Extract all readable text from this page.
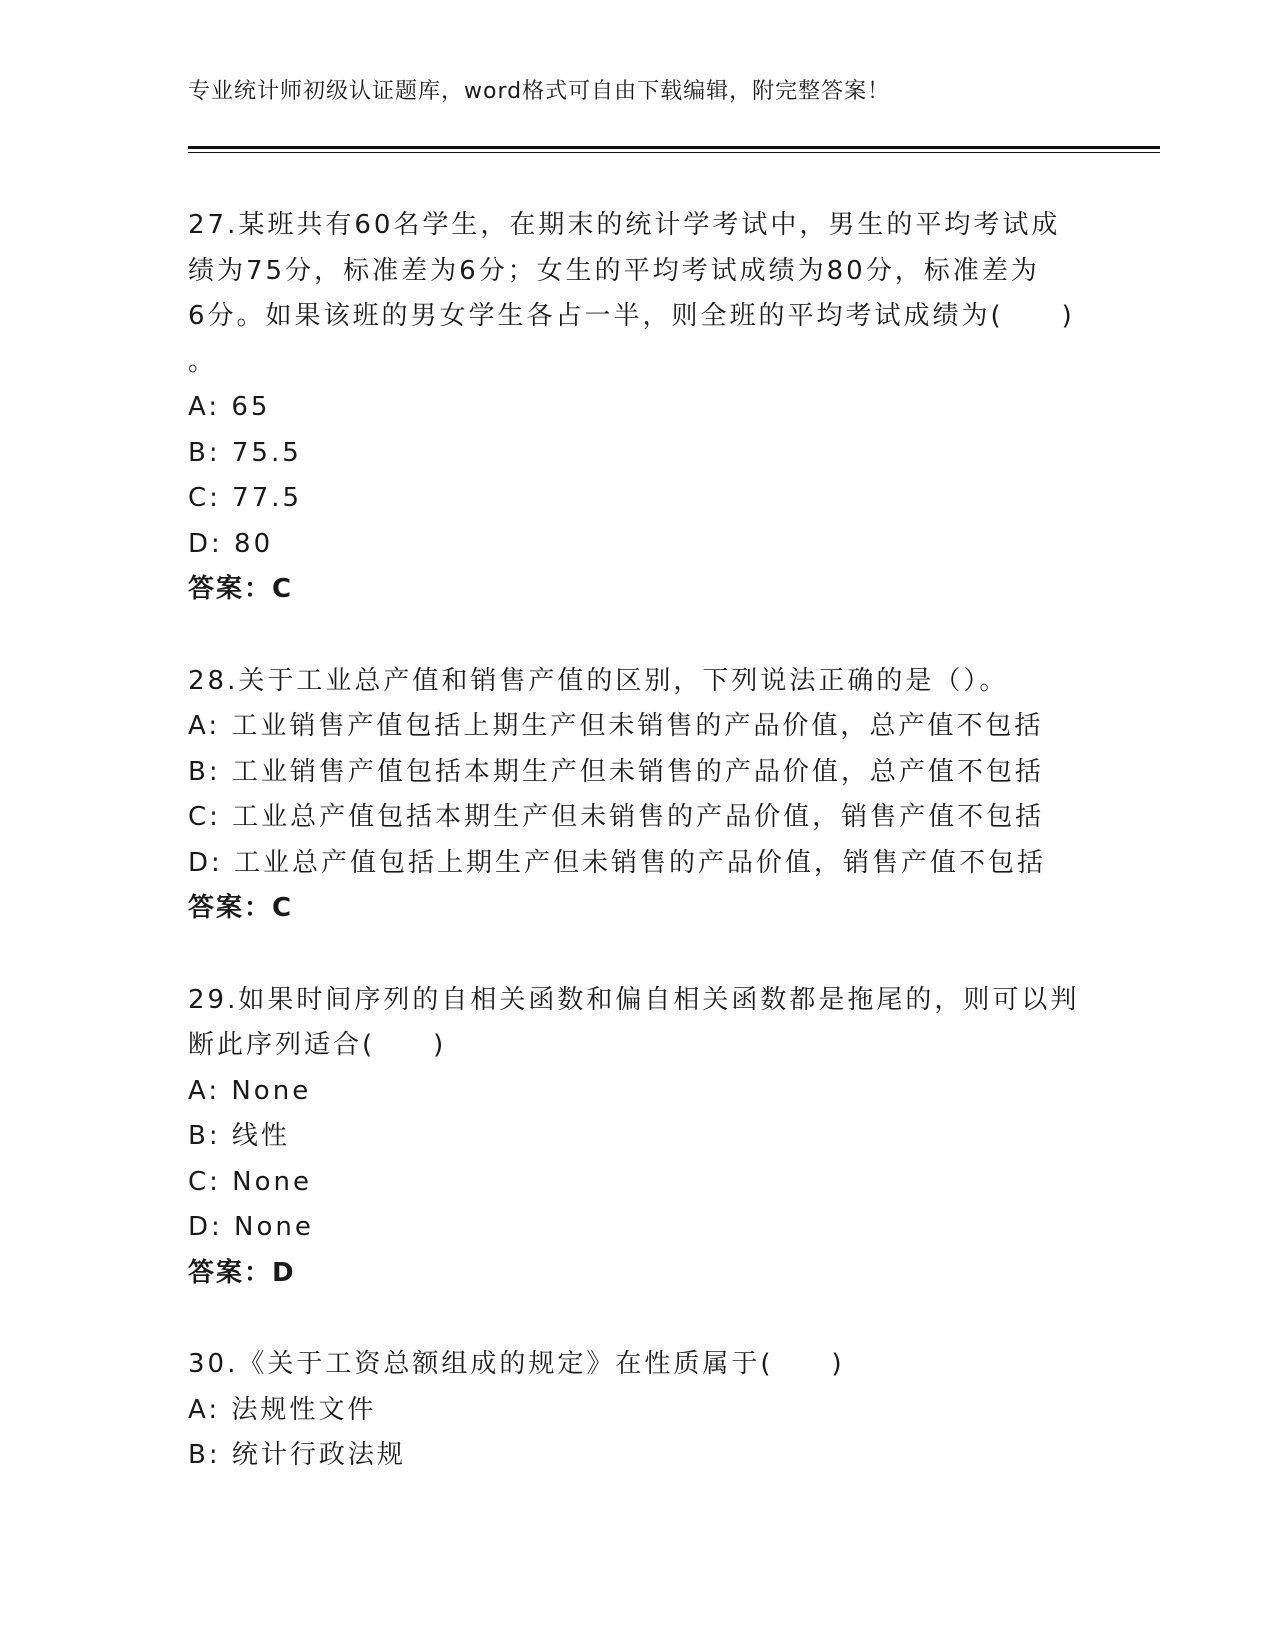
专业统计师初级认证题库，word格式可自由下载编辑，附完整答案！
27.某班共有60名学生，在期末的统计学考试中，男生的平均考试成
绩为75分，标准差为6分；女生的平均考试成绩为80分，标准差为
6分。如果该班的男女学生各占一半，则全班的平均考试成绩为(　　)
。
A: 65
B: 75.5
C: 77.5
D: 80
答案：C
28.关于工业总产值和销售产值的区别，下列说法正确的是（）。
A: 工业销售产值包括上期生产但未销售的产品价值，总产值不包括
B: 工业销售产值包括本期生产但未销售的产品价值，总产值不包括
C: 工业总产值包括本期生产但未销售的产品价值，销售产值不包括
D: 工业总产值包括上期生产但未销售的产品价值，销售产值不包括
答案：C
29.如果时间序列的自相关函数和偏自相关函数都是拖尾的，则可以判
断此序列适合(　　)
A: None
B: 线性
C: None
D: None
答案：D
30.《关于工资总额组成的规定》在性质属于(　　)
A: 法规性文件
B: 统计行政法规
